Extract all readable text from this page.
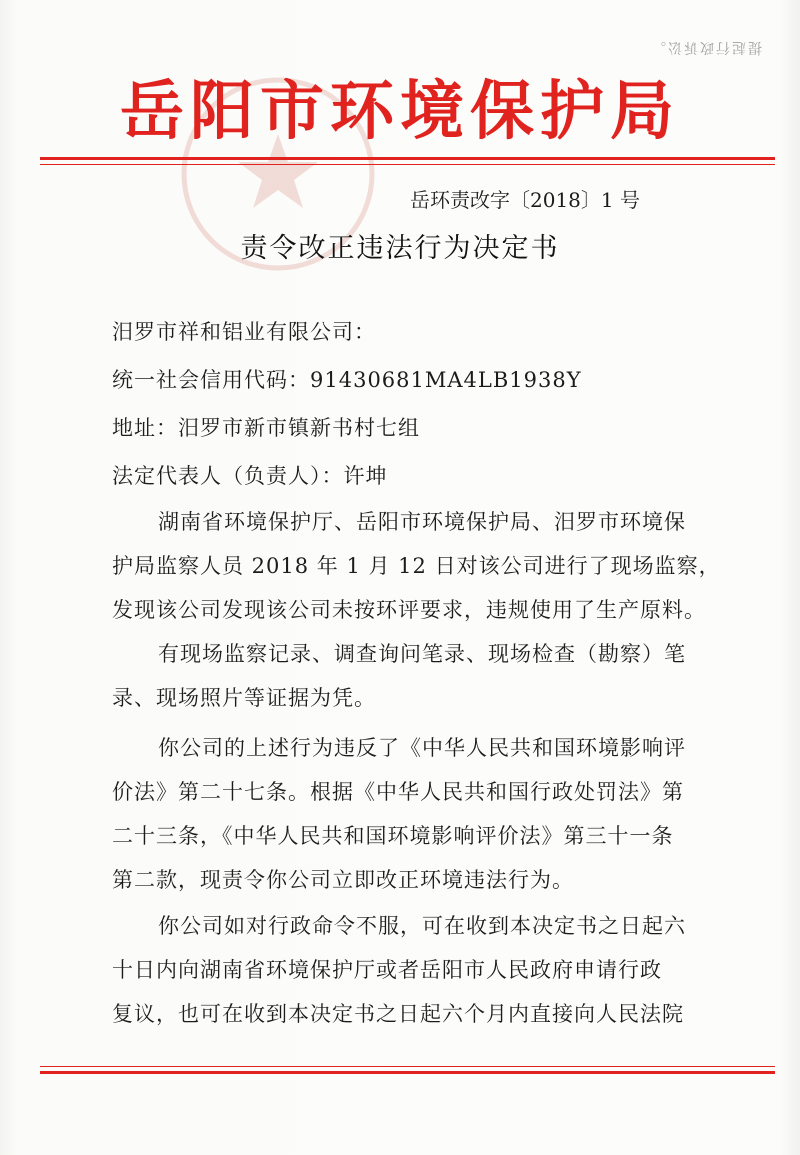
提起行政诉讼。
岳阳市环境保护局
岳环责改字〔2018〕1 号
责令改正违法行为决定书
汨罗市祥和铝业有限公司：
统一社会信用代码：91430681MA4LB1938Y
地址：汨罗市新市镇新书村七组
法定代表人（负责人）：许坤
湖南省环境保护厅、岳阳市环境保护局、汨罗市环境保
护局监察人员 2018 年 1 月 12 日对该公司进行了现场监察，
发现该公司发现该公司未按环评要求，违规使用了生产原料。
有现场监察记录、调查询问笔录、现场检查（勘察）笔
录、现场照片等证据为凭。
你公司的上述行为违反了《中华人民共和国环境影响评
价法》第二十七条。根据《中华人民共和国行政处罚法》第
二十三条，《中华人民共和国环境影响评价法》第三十一条
第二款，现责令你公司立即改正环境违法行为。
你公司如对行政命令不服，可在收到本决定书之日起六
十日内向湖南省环境保护厅或者岳阳市人民政府申请行政
复议，也可在收到本决定书之日起六个月内直接向人民法院
